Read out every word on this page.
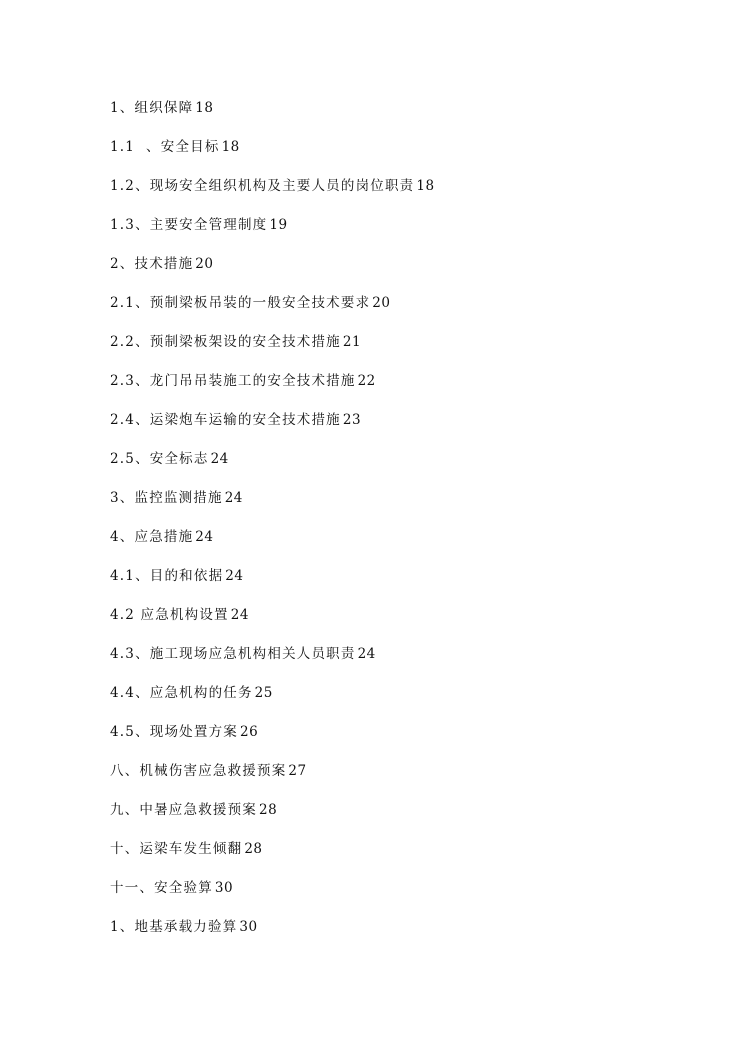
1、组织保障 18
1.1  、安全目标 18
1.2、现场安全组织机构及主要人员的岗位职责 18
1.3、主要安全管理制度 19
2、技术措施 20
2.1、预制梁板吊装的一般安全技术要求 20
2.2、预制梁板架设的安全技术措施 21
2.3、龙门吊吊装施工的安全技术措施 22
2.4、运梁炮车运输的安全技术措施 23
2.5、安全标志 24
3、监控监测措施 24
4、应急措施 24
4.1、目的和依据 24
4.2 应急机构设置 24
4.3、施工现场应急机构相关人员职责 24
4.4、应急机构的任务 25
4.5、现场处置方案 26
八、机械伤害应急救援预案 27
九、中暑应急救援预案 28
十、运梁车发生倾翻 28
十一、安全验算 30
1、地基承载力验算 30
